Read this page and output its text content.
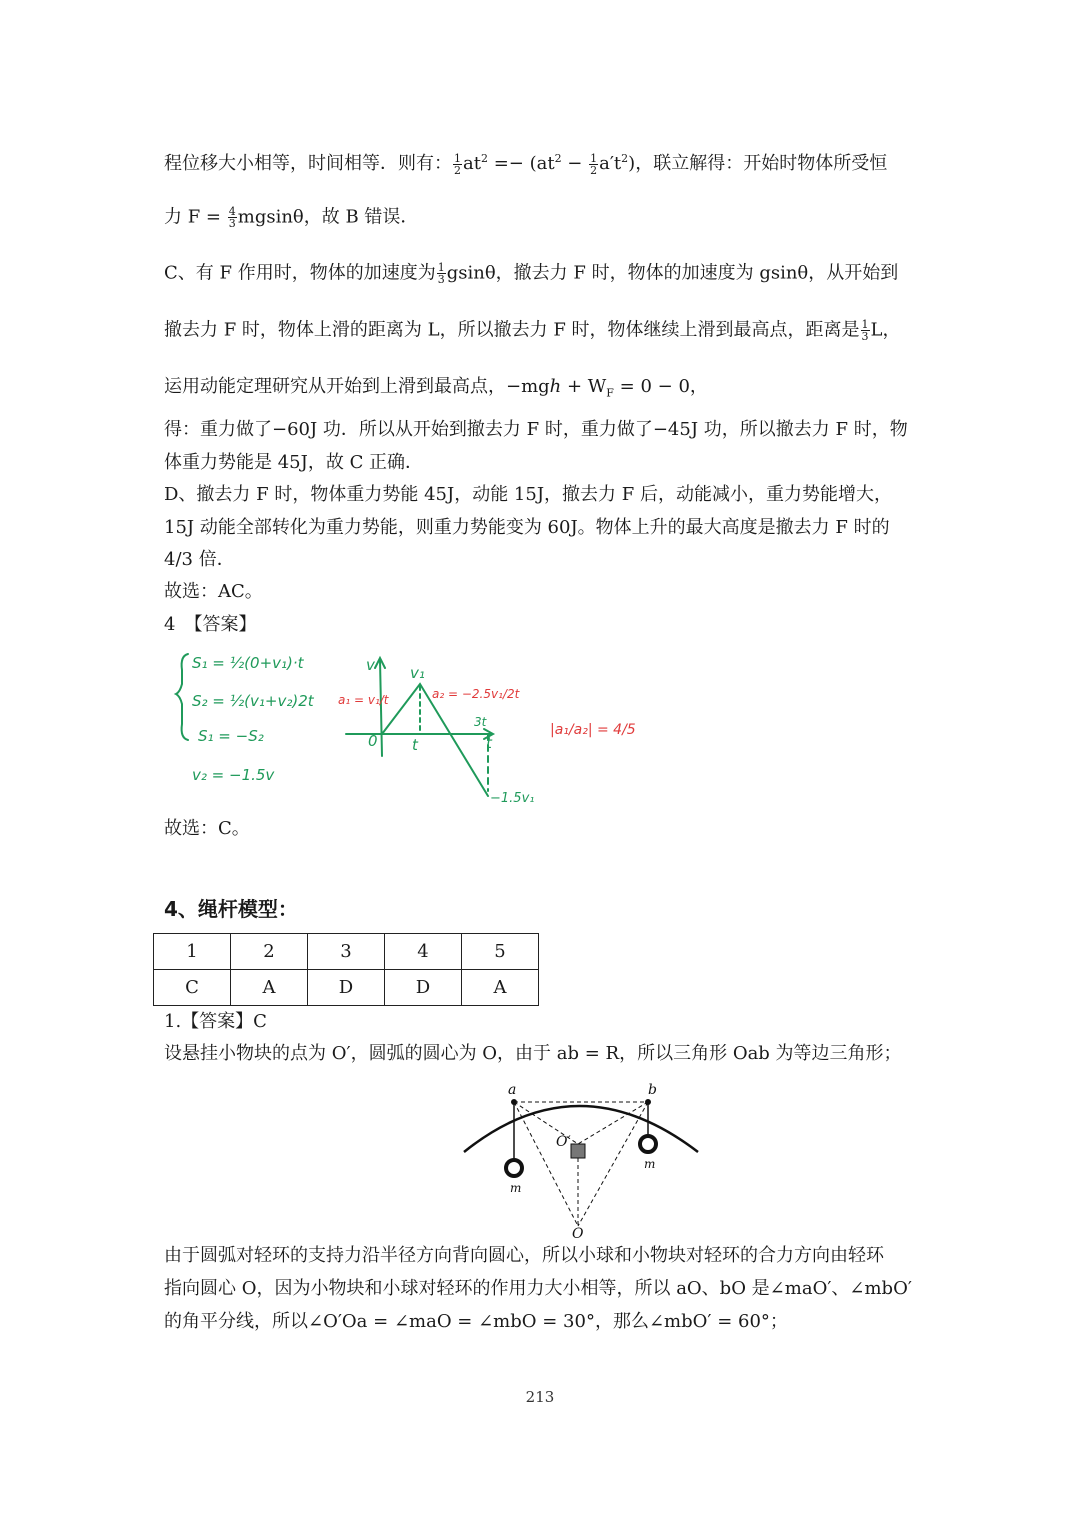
程位移大小相等，时间相等．则有： $\frac{1}{2} at^2 =- (at^2 - \frac{1}{2} a't^2)$，联立解得：开始时物体所受恒
力 $F = \frac{4}{3}$ mgsinθ，故 B 错误．
C、有 F 作用时，物体的加速度为 $\frac{1}{3}$ gsinθ，撤去力 F 时，物体的加速度为 gsinθ，从开始到
撤去力 F 时，物体上滑的距离为 L，所以撤去力 F 时，物体继续上滑到最高点，距离是 $\frac{1}{3}$ L，
运用动能定理研究从开始到上滑到最高点，$-mgh + W_F = 0 - 0$，
得：重力做了−60J 功．所以从开始到撤去力 F 时，重力做了−45J 功，所以撤去力 F 时，物
体重力势能是 45J，故 C 正确．
D、撤去力 F 时，物体重力势能 45J，动能 15J，撤去力 F 后，动能减小，重力势能增大，
15J 动能全部转化为重力势能，则重力势能变为 60J。物体上升的最大高度是撤去力 F 时的
4/3 倍．
故选：AC。
4　【答案】
S₁ = ½(0+v₁)·t
S₂ = ½(v₁+v₂)2t
S₁ = −S₂
v₂ = −1.5v
v v₁
0 t
3t
t
−1.5v₁
a₁ = v₁/t	a₂ = −2.5v₁/2t
|a₁/a₂| = 4/5
故选：C。
4、绳杆模型：
1	2	3	4	5
C	A	D	D	A
1.【答案】C
设悬挂小物块的点为 O′，圆弧的圆心为 O，由于 ab = R，所以三角形 Oab 为等边三角形；
a	b
O′
O
m
m
由于圆弧对轻环的支持力沿半径方向背向圆心，所以小球和小物块对轻环的合力方向由轻环
指向圆心 O，因为小物块和小球对轻环的作用力大小相等，所以 aO、bO 是∠maO′、∠mbO′
的角平分线，所以∠O′Oa = ∠maO = ∠mbO = 30°，那么∠mbO′ = 60°；
213
